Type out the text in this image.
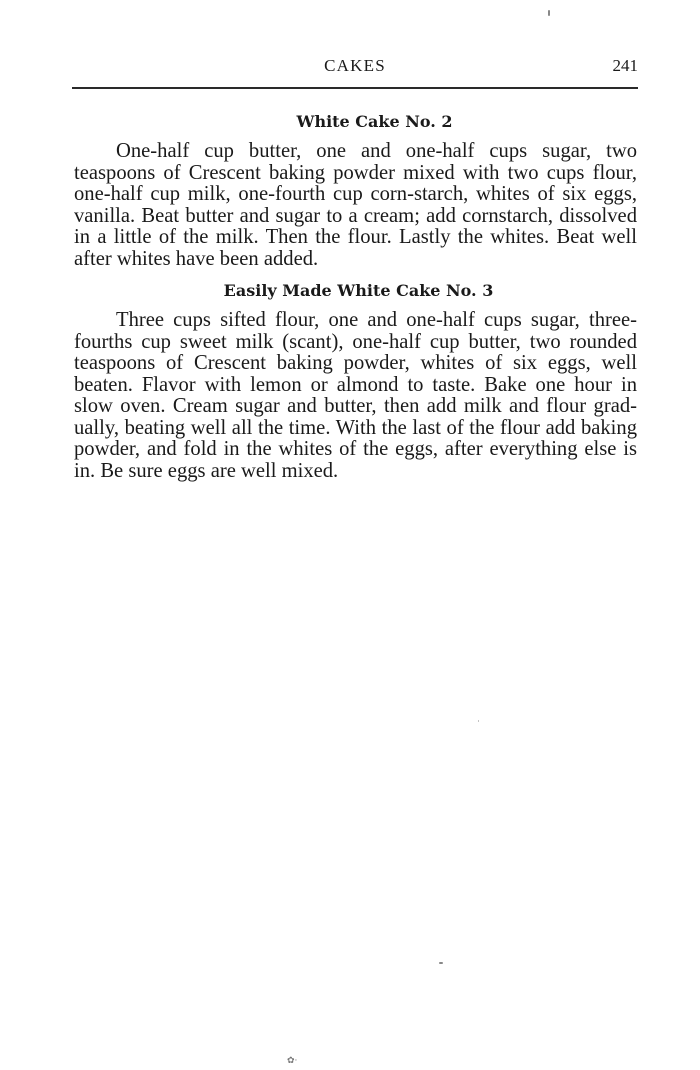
CAKES	241
White Cake No. 2

One-half cup butter, one and one-half cups sugar, two teaspoons of Crescent baking powder mixed with two cups flour, one-half cup milk, one-fourth cup corn-starch, whites of six eggs, vanilla. Beat butter and sugar to a cream; add cornstarch, dissolved in a little of the milk. Then the flour. Lastly the whites. Beat well after whites have been added.

Easily Made White Cake No. 3

Three cups sifted flour, one and one-half cups sugar, three-fourths cup sweet milk (scant), one-half cup butter, two rounded teaspoons of Crescent baking powder, whites of six eggs, well beaten. Flavor with lemon or almond to taste. Bake one hour in slow oven. Cream sugar and butter, then add milk and flour grad-ually, beating well all the time. With the last of the flour add baking powder, and fold in the whites of the eggs, after everything else is in. Be sure eggs are well mixed.

✿·
